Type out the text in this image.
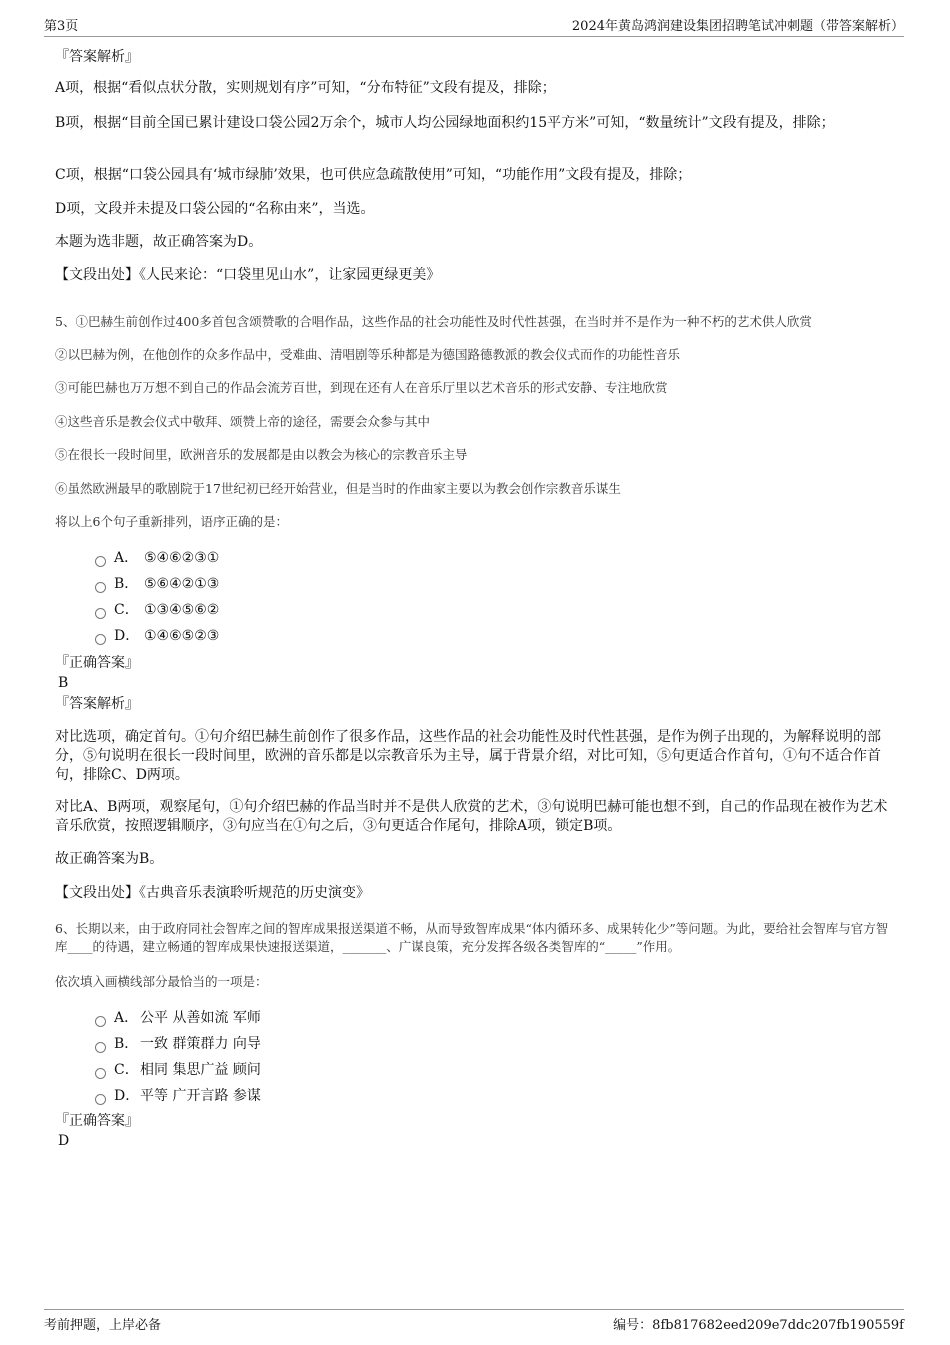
第3页	2024年黄岛鸿润建设集团招聘笔试冲刺题（带答案解析）

『答案解析』

A项，根据“看似点状分散，实则规划有序”可知，“分布特征”文段有提及，排除；

B项，根据“目前全国已累计建设口袋公园2万余个，城市人均公园绿地面积约15平方米”可知，“数量统计”文段有提及，排除；

C项，根据“口袋公园具有‘城市绿肺’效果，也可供应急疏散使用”可知，“功能作用”文段有提及，排除；

D项，文段并未提及口袋公园的“名称由来”，当选。

本题为选非题，故正确答案为D。

【文段出处】《人民来论：“口袋里见山水”，让家园更绿更美》

5、①巴赫生前创作过400多首包含颂赞歌的合唱作品，这些作品的社会功能性及时代性甚强，在当时并不是作为一种不朽的艺术供人欣赏

②以巴赫为例，在他创作的众多作品中，受难曲、清唱剧等乐种都是为德国路德教派的教会仪式而作的功能性音乐

③可能巴赫也万万想不到自己的作品会流芳百世，到现在还有人在音乐厅里以艺术音乐的形式安静、专注地欣赏

④这些音乐是教会仪式中敬拜、颂赞上帝的途径，需要会众参与其中

⑤在很长一段时间里，欧洲音乐的发展都是由以教会为核心的宗教音乐主导

⑥虽然欧洲最早的歌剧院于17世纪初已经开始营业，但是当时的作曲家主要以为教会创作宗教音乐谋生

将以上6个句子重新排列，语序正确的是：

A． ⑤④⑥②③①
B． ⑤⑥④②①③
C． ①③④⑤⑥②
D． ①④⑥⑤②③

『正确答案』

B

『答案解析』

对比选项，确定首句。①句介绍巴赫生前创作了很多作品，这些作品的社会功能性及时代性甚强，是作为例子出现的，为解释说明的部分，⑤句说明在很长一段时间里，欧洲的音乐都是以宗教音乐为主导，属于背景介绍，对比可知，⑤句更适合作首句，①句不适合作首句，排除C、D两项。

对比A、B两项，观察尾句，①句介绍巴赫的作品当时并不是供人欣赏的艺术，③句说明巴赫可能也想不到，自己的作品现在被作为艺术音乐欣赏，按照逻辑顺序，③句应当在①句之后，③句更适合作尾句，排除A项，锁定B项。

故正确答案为B。

【文段出处】《古典音乐表演聆听规范的历史演变》

6、长期以来，由于政府同社会智库之间的智库成果报送渠道不畅，从而导致智库成果“体内循环多、成果转化少”等问题。为此，要给社会智库与官方智库____的待遇，建立畅通的智库成果快速报送渠道，_______、广谋良策，充分发挥各级各类智库的“_____”作用。

依次填入画横线部分最恰当的一项是：

A． 公平 从善如流 军师
B． 一致 群策群力 向导
C． 相同 集思广益 顾问
D． 平等 广开言路 参谋

『正确答案』

D

考前押题，上岸必备	编号：8fb817682eed209e7ddc207fb190559f
